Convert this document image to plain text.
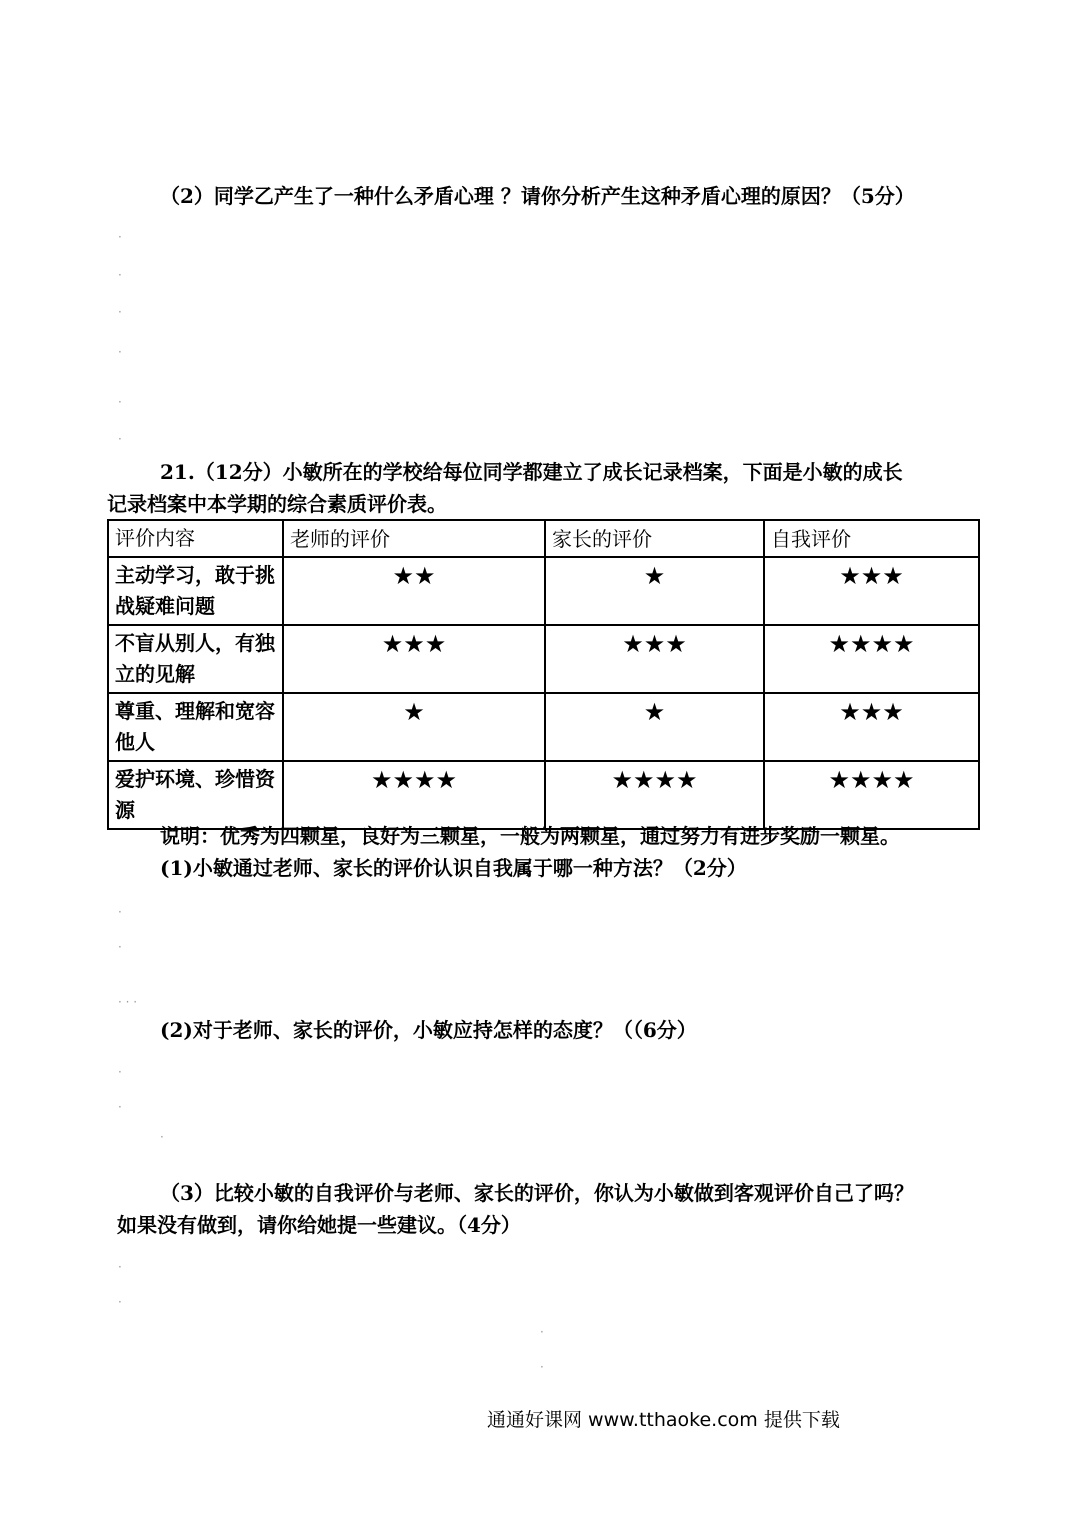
（2）同学乙产生了一种什么矛盾心理 ？请你分析产生这种矛盾心理的原因？（5分）
21.（12分）小敏所在的学校给每位同学都建立了成长记录档案，下面是小敏的成长
记录档案中本学期的综合素质评价表。
评价内容	老师的评价	家长的评价	自我评价
主动学习，敢于挑战疑难问题	★★	★	★★★
不盲从别人，有独立的见解	★★★	★★★	★★★★
尊重、理解和宽容他人	★	★	★★★
爱护环境、珍惜资源	★★★★	★★★★	★★★★
说明：优秀为四颗星，良好为三颗星，一般为两颗星，通过努力有进步奖励一颗星。
(1)小敏通过老师、家长的评价认识自我属于哪一种方法？（2分）
(2)对于老师、家长的评价，小敏应持怎样的态度？（（6分）
（3）比较小敏的自我评价与老师、家长的评价，你认为小敏做到客观评价自己了吗？
如果没有做到，请你给她提一些建议。（4分）
·
·
·
·
·
·
·
·
· · ·
·
·
·
·
·
·
·
通通好课网 www.tthaoke.com 提供下载
